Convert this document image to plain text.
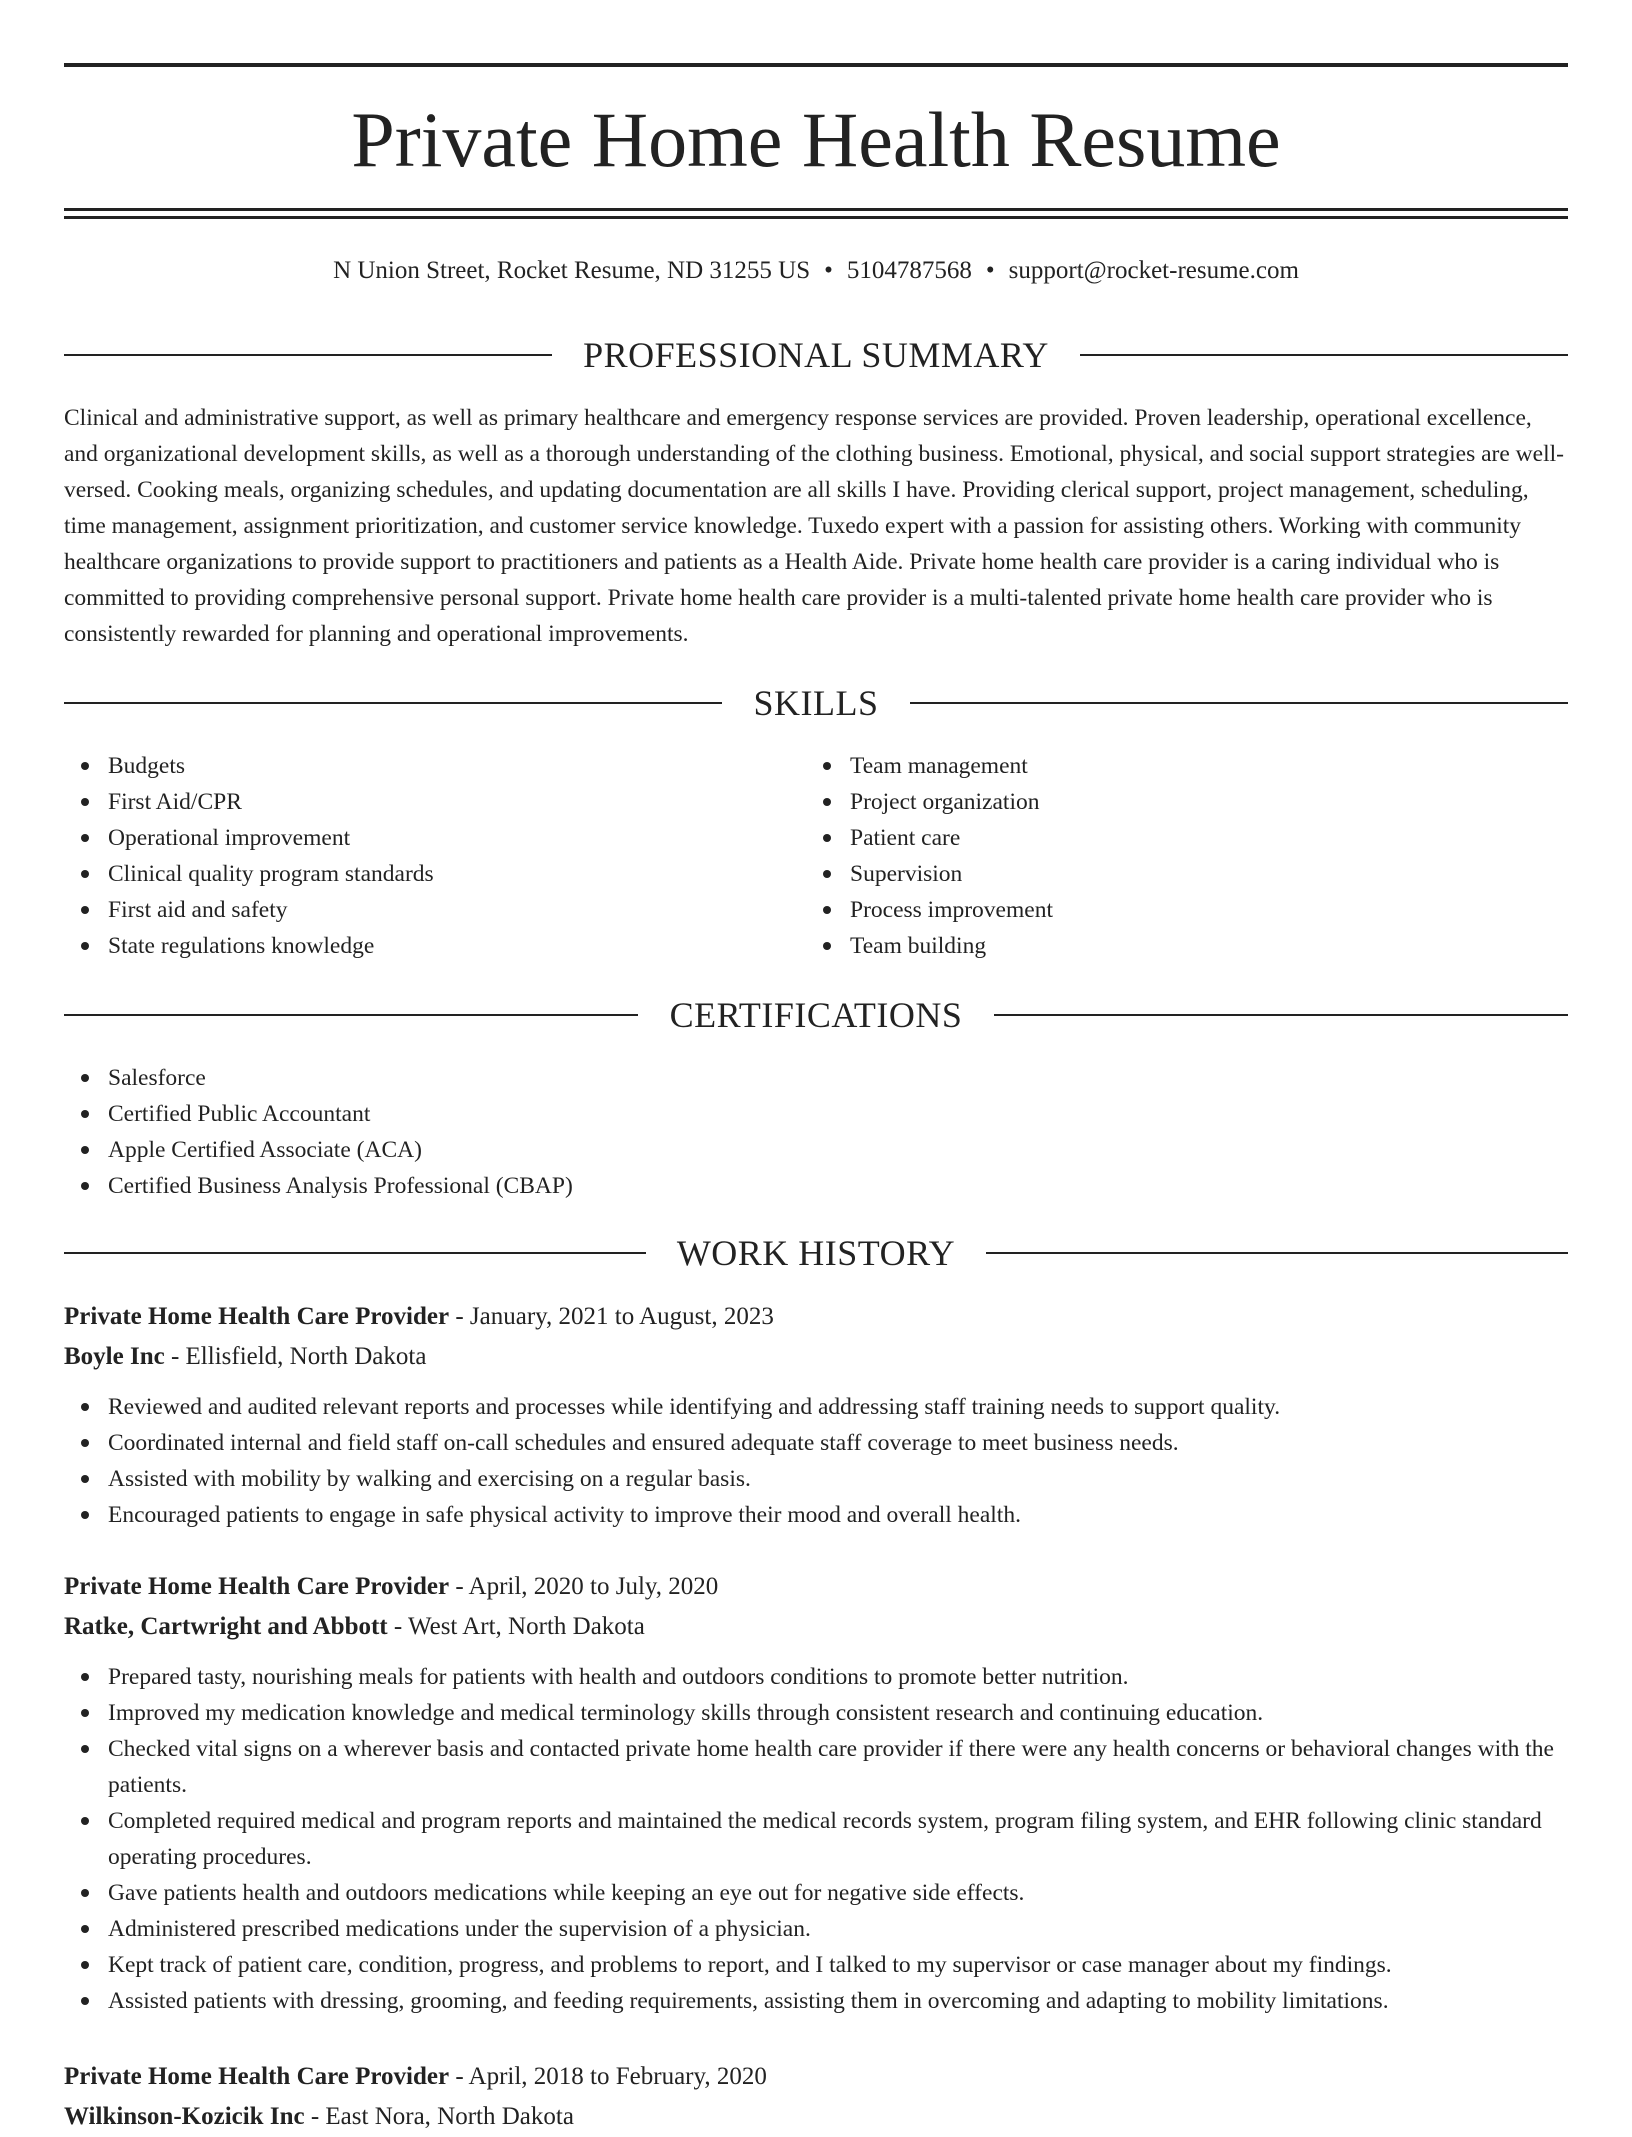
Private Home Health Resume
N Union Street, Rocket Resume, ND 31255 US • 5104787568 • support@rocket-resume.com
PROFESSIONAL SUMMARY

Clinical and administrative support, as well as primary healthcare and emergency response services are provided. Proven leadership, operational excellence, and organizational development skills, as well as a thorough understanding of the clothing business. Emotional, physical, and social support strategies are well-versed. Cooking meals, organizing schedules, and updating documentation are all skills I have. Providing clerical support, project management, scheduling, time management, assignment prioritization, and customer service knowledge. Tuxedo expert with a passion for assisting others. Working with community healthcare organizations to provide support to practitioners and patients as a Health Aide. Private home health care provider is a caring individual who is committed to providing comprehensive personal support. Private home health care provider is a multi-talented private home health care provider who is consistently rewarded for planning and operational improvements.

SKILLS
Budgets
First Aid/CPR
Operational improvement
Clinical quality program standards
First aid and safety
State regulations knowledge
Team management
Project organization
Patient care
Supervision
Process improvement
Team building
CERTIFICATIONS
Salesforce
Certified Public Accountant
Apple Certified Associate (ACA)
Certified Business Analysis Professional (CBAP)
WORK HISTORY

Private Home Health Care Provider - January, 2021 to August, 2023

Boyle Inc - Ellisfield, North Dakota

Reviewed and audited relevant reports and processes while identifying and addressing staff training needs to support quality.
Coordinated internal and field staff on-call schedules and ensured adequate staff coverage to meet business needs.
Assisted with mobility by walking and exercising on a regular basis.
Encouraged patients to engage in safe physical activity to improve their mood and overall health.

Private Home Health Care Provider - April, 2020 to July, 2020

Ratke, Cartwright and Abbott - West Art, North Dakota

Prepared tasty, nourishing meals for patients with health and outdoors conditions to promote better nutrition.
Improved my medication knowledge and medical terminology skills through consistent research and continuing education.
Checked vital signs on a wherever basis and contacted private home health care provider if there were any health concerns or behavioral changes with the patients.
Completed required medical and program reports and maintained the medical records system, program filing system, and EHR following clinic standard operating procedures.
Gave patients health and outdoors medications while keeping an eye out for negative side effects.
Administered prescribed medications under the supervision of a physician.
Kept track of patient care, condition, progress, and problems to report, and I talked to my supervisor or case manager about my findings.
Assisted patients with dressing, grooming, and feeding requirements, assisting them in overcoming and adapting to mobility limitations.

Private Home Health Care Provider - April, 2018 to February, 2020

Wilkinson-Kozicik Inc - East Nora, North Dakota
